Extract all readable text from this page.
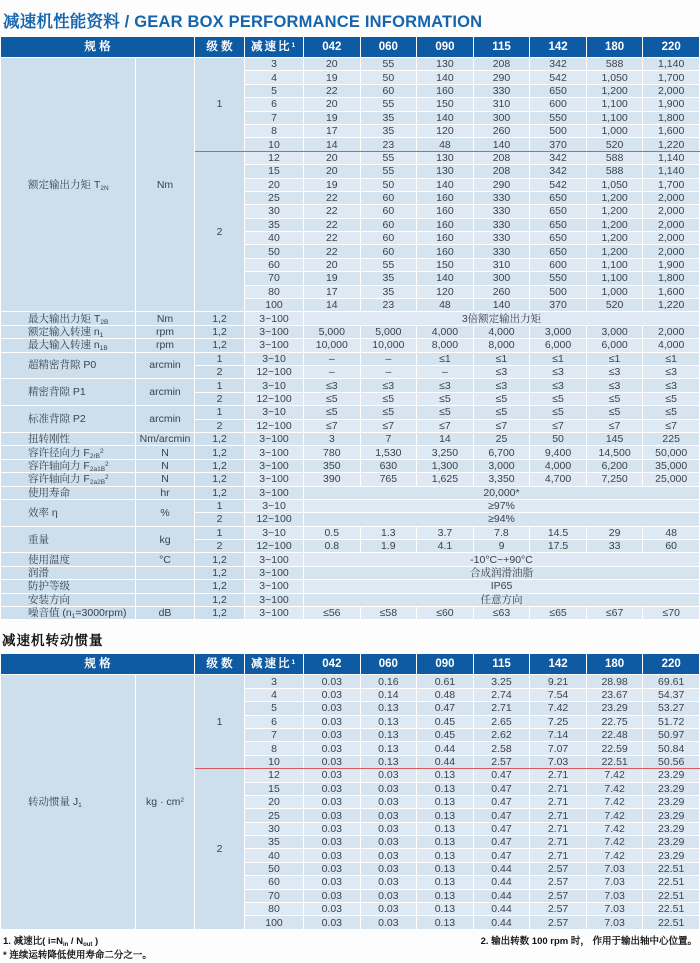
减速机性能资料 / GEAR BOX PERFORMANCE INFORMATION
规 格		级 数	减速比$^1$	042	060	090	115	142	180	220
额定输出力矩 $T_{2N}$	Nm	1	3	20	55	130	208	342	588	1,140
			4	19	50	140	290	542	1,050	1,700
			5	22	60	160	330	650	1,200	2,000
			6	20	55	150	310	600	1,100	1,900
			7	19	35	140	300	550	1,100	1,800
			8	17	35	120	260	500	1,000	1,600
			10	14	23	48	140	370	520	1,220
		2	12	20	55	130	208	342	588	1,140
			15	20	55	130	208	342	588	1,140
			20	19	50	140	290	542	1,050	1,700
			25	22	60	160	330	650	1,200	2,000
			30	22	60	160	330	650	1,200	2,000
			35	22	60	160	330	650	1,200	2,000
			40	22	60	160	330	650	1,200	2,000
			50	22	60	160	330	650	1,200	2,000
			60	20	55	150	310	600	1,100	1,900
			70	19	35	140	300	550	1,100	1,800
			80	17	35	120	260	500	1,000	1,600
			100	14	23	48	140	370	520	1,220
最大输出力矩 $T_{2B}$	Nm	1,2	3~100	3倍额定输出力矩						
额定输入转速 $n_1$	rpm	1,2	3~100	5,000	5,000	4,000	4,000	3,000	3,000	2,000
最大输入转速 $n_{1B}$	rpm	1,2	3~100	10,000	10,000	8,000	8,000	6,000	6,000	4,000
超精密背隙 P0	arcmin	1	3~10	–	–	≤1	≤1	≤1	≤1	≤1
		2	12~100	–	–	–	≤3	≤3	≤3	≤3
精密背隙 P1	arcmin	1	3~10	≤3	≤3	≤3	≤3	≤3	≤3	≤3
		2	12~100	≤5	≤5	≤5	≤5	≤5	≤5	≤5
标准背隙 P2	arcmin	1	3~10	≤5	≤5	≤5	≤5	≤5	≤5	≤5
		2	12~100	≤7	≤7	≤7	≤7	≤7	≤7	≤7
扭转刚性	Nm/arcmin	1,2	3~100	3	7	14	25	50	145	225
容许径向力 $F_{2rB}^2$	N	1,2	3~100	780	1,530	3,250	6,700	9,400	14,500	50,000
容许轴向力 $F_{2a1B}^2$	N	1,2	3~100	350	630	1,300	3,000	4,000	6,200	35,000
容许轴向力 $F_{2a2B}^2$	N	1,2	3~100	390	765	1,625	3,350	4,700	7,250	25,000
使用寿命	hr	1,2	3~100	20,000*						
效率 η	%	1	3~10	≥97%						
		2	12~100	≥94%						
重量	kg	1	3~10	0.5	1.3	3.7	7.8	14.5	29	48
		2	12~100	0.8	1.9	4.1	9	17.5	33	60
使用温度	°C	1,2	3~100	-10°C~+90°C						
润滑		1,2	3~100	合成润滑油脂						
防护等级		1,2	3~100	IP65						
安装方向		1,2	3~100	任意方向						
噪音值 $(n_1=3000rpm)$	dB	1,2	3~100	≤56	≤58	≤60	≤63	≤65	≤67	≤70
减速机转动惯量
规 格		级 数	减速比$^1$	042	060	090	115	142	180	220
转动惯量 $J_1$	kg · $cm^2$	1	3	0.03	0.16	0.61	3.25	9.21	28.98	69.61
			4	0.03	0.14	0.48	2.74	7.54	23.67	54.37
			5	0.03	0.13	0.47	2.71	7.42	23.29	53.27
			6	0.03	0.13	0.45	2.65	7.25	22.75	51.72
			7	0.03	0.13	0.45	2.62	7.14	22.48	50.97
			8	0.03	0.13	0.44	2.58	7.07	22.59	50.84
			10	0.03	0.13	0.44	2.57	7.03	22.51	50.56
		2	12	0.03	0.03	0.13	0.47	2.71	7.42	23.29
			15	0.03	0.03	0.13	0.47	2.71	7.42	23.29
			20	0.03	0.03	0.13	0.47	2.71	7.42	23.29
			25	0.03	0.03	0.13	0.47	2.71	7.42	23.29
			30	0.03	0.03	0.13	0.47	2.71	7.42	23.29
			35	0.03	0.03	0.13	0.47	2.71	7.42	23.29
			40	0.03	0.03	0.13	0.47	2.71	7.42	23.29
			50	0.03	0.03	0.13	0.44	2.57	7.03	22.51
			60	0.03	0.03	0.13	0.44	2.57	7.03	22.51
			70	0.03	0.03	0.13	0.44	2.57	7.03	22.51
			80	0.03	0.03	0.13	0.44	2.57	7.03	22.51
			100	0.03	0.03	0.13	0.44	2.57	7.03	22.51
1. 减速比( $i=N_{in} / N_{out}$ )
* 连续运转降低使用寿命二分之一。
2. 输出转数 100 rpm 时， 作用于输出轴中心位置。
